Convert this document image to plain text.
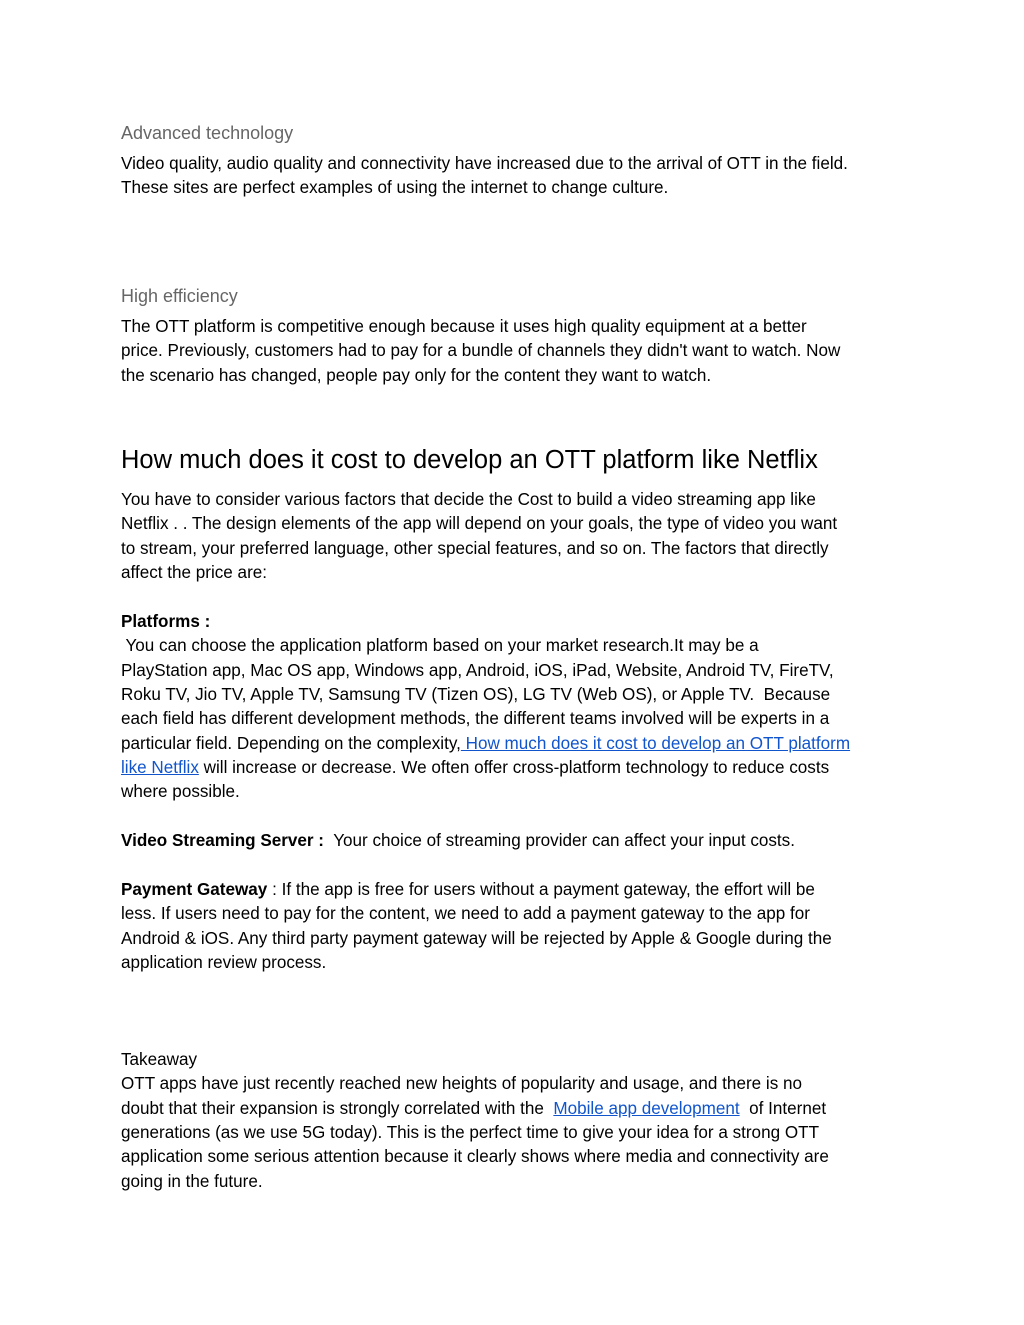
Advanced technology
Video quality, audio quality and connectivity have increased due to the arrival of OTT in the field.
These sites are perfect examples of using the internet to change culture.
High efficiency
The OTT platform is competitive enough because it uses high quality equipment at a better
price. Previously, customers had to pay for a bundle of channels they didn't want to watch. Now
the scenario has changed, people pay only for the content they want to watch.
How much does it cost to develop an OTT platform like Netflix
You have to consider various factors that decide the Cost to build a video streaming app like
Netflix . . The design elements of the app will depend on your goals, the type of video you want
to stream, your preferred language, other special features, and so on. The factors that directly
affect the price are:
Platforms :
You can choose the application platform based on your market research.It may be a
PlayStation app, Mac OS app, Windows app, Android, iOS, iPad, Website, Android TV, FireTV,
Roku TV, Jio TV, Apple TV, Samsung TV (Tizen OS), LG TV (Web OS), or Apple TV.  Because
each field has different development methods, the different teams involved will be experts in a
particular field. Depending on the complexity, How much does it cost to develop an OTT platform
like Netflix will increase or decrease. We often offer cross-platform technology to reduce costs
where possible.
Video Streaming Server :  Your choice of streaming provider can affect your input costs.
Payment Gateway : If the app is free for users without a payment gateway, the effort will be
less. If users need to pay for the content, we need to add a payment gateway to the app for
Android & iOS. Any third party payment gateway will be rejected by Apple & Google during the
application review process.
Takeaway
OTT apps have just recently reached new heights of popularity and usage, and there is no
doubt that their expansion is strongly correlated with the  Mobile app development  of Internet
generations (as we use 5G today). This is the perfect time to give your idea for a strong OTT
application some serious attention because it clearly shows where media and connectivity are
going in the future.
